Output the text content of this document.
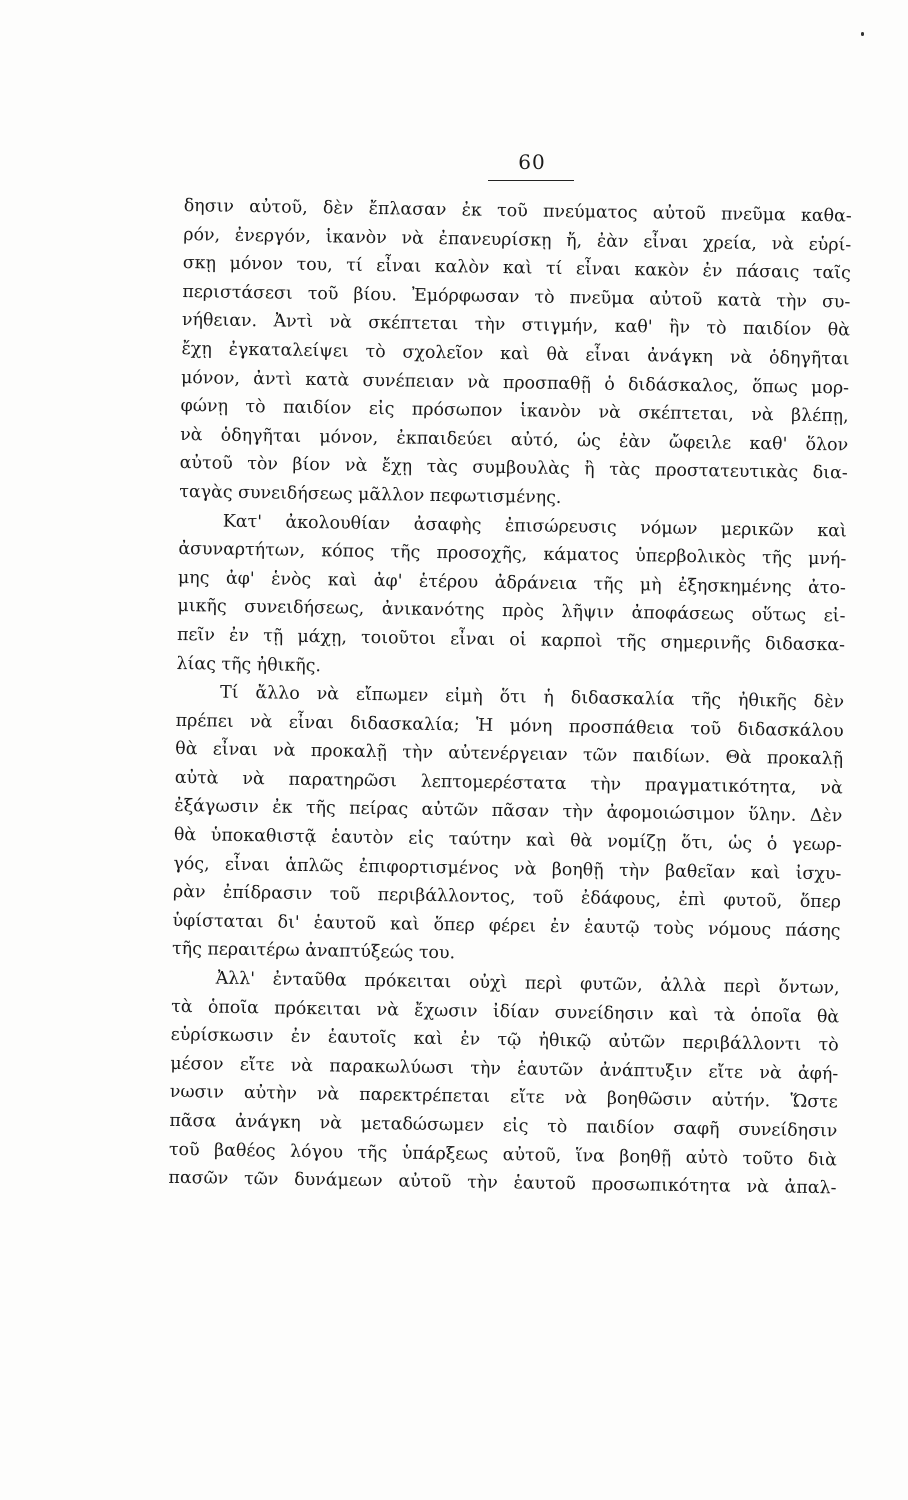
60
δησιν αὐτοῦ, δὲν ἔπλασαν ἐκ τοῦ πνεύματος αὐτοῦ πνεῦμα καθα-
ρόν, ἐνεργόν, ἱκανὸν νὰ ἐπανευρίσκῃ ἤ, ἐὰν εἶναι χρεία, νὰ εὑρί-
σκῃ μόνον του, τί εἶναι καλὸν καὶ τί εἶναι κακὸν ἐν πάσαις ταῖς
περιστάσεσι τοῦ βίου. Ἐμόρφωσαν τὸ πνεῦμα αὐτοῦ κατὰ τὴν συ-
νήθειαν. Ἀντὶ νὰ σκέπτεται τὴν στιγμήν, καθ' ἣν τὸ παιδίον θὰ
ἔχῃ ἐγκαταλείψει τὸ σχολεῖον καὶ θὰ εἶναι ἀνάγκη νὰ ὁδηγῆται
μόνον, ἀντὶ κατὰ συνέπειαν νὰ προσπαθῇ ὁ διδάσκαλος, ὅπως μορ-
φώνῃ τὸ παιδίον εἰς πρόσωπον ἱκανὸν νὰ σκέπτεται, νὰ βλέπῃ,
νὰ ὁδηγῆται μόνον, ἐκπαιδεύει αὐτό, ὡς ἐὰν ὤφειλε καθ' ὅλον
αὐτοῦ τὸν βίον νὰ ἔχῃ τὰς συμβουλὰς ἢ τὰς προστατευτικὰς δια-
ταγὰς συνειδήσεως μᾶλλον πεφωτισμένης.
Κατ' ἀκολουθίαν ἀσαφὴς ἐπισώρευσις νόμων μερικῶν καὶ
ἀσυναρτήτων, κόπος τῆς προσοχῆς, κάματος ὑπερβολικὸς τῆς μνή-
μης ἀφ' ἑνὸς καὶ ἀφ' ἑτέρου ἀδράνεια τῆς μὴ ἐξησκημένης ἀτο-
μικῆς συνειδήσεως, ἀνικανότης πρὸς λῆψιν ἀποφάσεως οὕτως εἰ-
πεῖν ἐν τῇ μάχῃ, τοιοῦτοι εἶναι οἱ καρποὶ τῆς σημερινῆς διδασκα-
λίας τῆς ἠθικῆς.
Τί ἄλλο νὰ εἴπωμεν εἰμὴ ὅτι ἡ διδασκαλία τῆς ἠθικῆς δὲν
πρέπει νὰ εἶναι διδασκαλία; Ἡ μόνη προσπάθεια τοῦ διδασκάλου
θὰ εἶναι νὰ προκαλῇ τὴν αὐτενέργειαν τῶν παιδίων. Θὰ προκαλῇ
αὐτὰ νὰ παρατηρῶσι λεπτομερέστατα τὴν πραγματικότητα, νὰ
ἐξάγωσιν ἐκ τῆς πείρας αὐτῶν πᾶσαν τὴν ἀφομοιώσιμον ὕλην. Δὲν
θὰ ὑποκαθιστᾷ ἑαυτὸν εἰς ταύτην καὶ θὰ νομίζῃ ὅτι, ὡς ὁ γεωρ-
γός, εἶναι ἁπλῶς ἐπιφορτισμένος νὰ βοηθῇ τὴν βαθεῖαν καὶ ἰσχυ-
ρὰν ἐπίδρασιν τοῦ περιβάλλοντος, τοῦ ἐδάφους, ἐπὶ φυτοῦ, ὅπερ
ὑφίσταται δι' ἑαυτοῦ καὶ ὅπερ φέρει ἐν ἑαυτῷ τοὺς νόμους πάσης
τῆς περαιτέρω ἀναπτύξεώς του.
Ἀλλ' ἐνταῦθα πρόκειται οὐχὶ περὶ φυτῶν, ἀλλὰ περὶ ὄντων,
τὰ ὁποῖα πρόκειται νὰ ἔχωσιν ἰδίαν συνείδησιν καὶ τὰ ὁποῖα θὰ
εὑρίσκωσιν ἐν ἑαυτοῖς καὶ ἐν τῷ ἠθικῷ αὐτῶν περιβάλλοντι τὸ
μέσον εἴτε νὰ παρακωλύωσι τὴν ἑαυτῶν ἀνάπτυξιν εἴτε νὰ ἀφή-
νωσιν αὐτὴν νὰ παρεκτρέπεται εἴτε νὰ βοηθῶσιν αὐτήν. Ὥστε
πᾶσα ἀνάγκη νὰ μεταδώσωμεν εἰς τὸ παιδίον σαφῆ συνείδησιν
τοῦ βαθέος λόγου τῆς ὑπάρξεως αὐτοῦ, ἵνα βοηθῇ αὐτὸ τοῦτο διὰ
πασῶν τῶν δυνάμεων αὐτοῦ τὴν ἑαυτοῦ προσωπικότητα νὰ ἀπαλ-
